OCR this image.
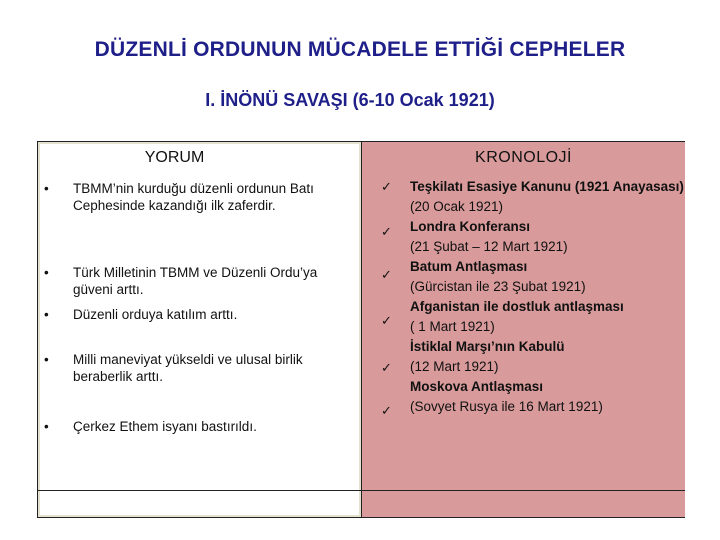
DÜZENLİ ORDUNUN MÜCADELE ETTİĞİ CEPHELER
I. İNÖNÜ SAVAŞI (6-10 Ocak 1921)
YORUM
• TBMM’nin kurduğu düzenli ordunun Batı Cephesinde kazandığı ilk zaferdir.
• Türk Milletinin TBMM ve Düzenli Ordu’ya güveni arttı.
• Düzenli orduya katılım arttı.
• Milli maneviyat yükseldi ve ulusal birlik beraberlik arttı.
• Çerkez Ethem isyanı bastırıldı.
KRONOLOJİ
✓
✓
✓
✓
✓
✓
Teşkilatı Esasiye Kanunu (1921 Anayasası) (20 Ocak 1921)
Londra Konferansı
(21 Şubat – 12 Mart 1921)
Batum Antlaşması
(Gürcistan ile 23 Şubat 1921)
Afganistan ile dostluk antlaşması
( 1 Mart 1921)
İstiklal Marşı’nın Kabulü
(12 Mart 1921)
Moskova Antlaşması
(Sovyet Rusya ile 16 Mart 1921)
